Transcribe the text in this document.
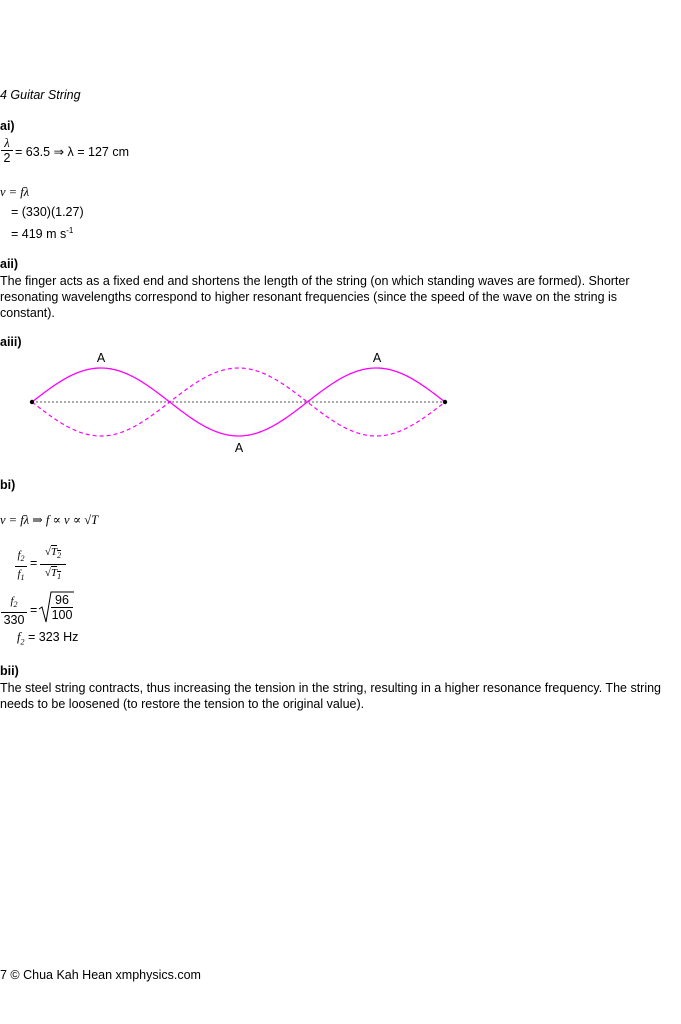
4 Guitar String
ai)
$\frac{\lambda}{2} = 63.5$ ⇒ λ = 127 cm
v = fλ
= (330)(1.27)
= 419 m $s^{-1}$
aii)
The finger acts as a fixed end and shortens the length of the string (on which standing waves are formed). Shorter resonating wavelengths correspond to higher resonant frequencies (since the speed of the wave on the string is constant).
aiii)
A	A
A
bi)
v = fλ ⇒ f ∝ v ∝ √T
$\frac{f_2}{f_1} = \frac{√T_2}{√T_1}$
$\frac{f_2}{330} = \frac{96}{100}$
$f_2 = 323$ Hz
bii)
The steel string contracts, thus increasing the tension in the string, resulting in a higher resonance frequency. The string needs to be loosened (to restore the tension to the original value).
7 © Chua Kah Hean xmphysics.com
